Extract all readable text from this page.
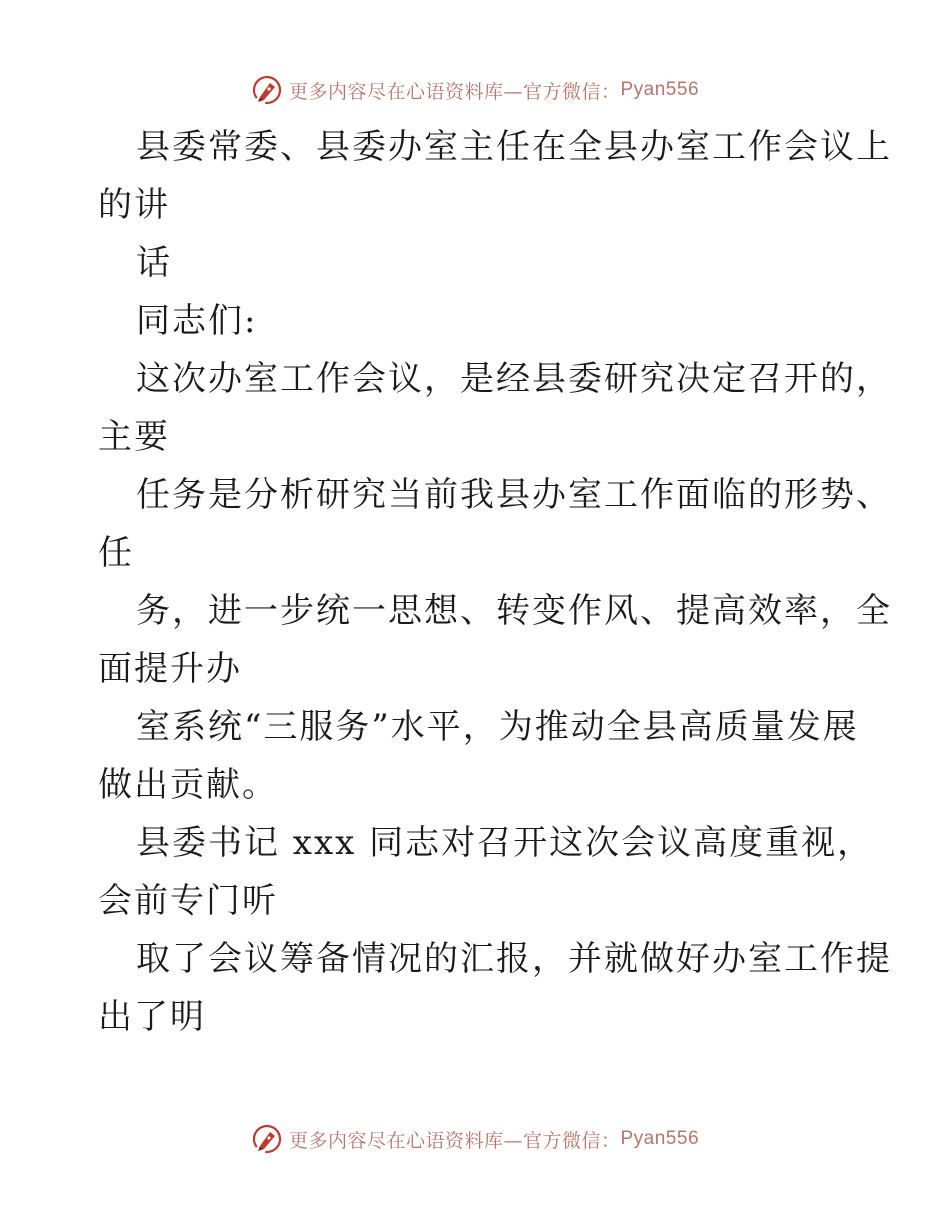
更多内容尽在心语资料库—官方微信： Pyan556
县委常委、县委办室主任在全县办室工作会议上
的讲
话
同志们:
这次办室工作会议，是经县委研究决定召开的，
主要
任务是分析研究当前我县办室工作面临的形势、
任
务，进一步统一思想、转变作风、提高效率，全
面提升办
室系统“三服务”水平，为推动全县高质量发展
做出贡献。
县委书记 xxx 同志对召开这次会议高度重视，
会前专门听
取了会议筹备情况的汇报，并就做好办室工作提
出了明
更多内容尽在心语资料库—官方微信： Pyan556
